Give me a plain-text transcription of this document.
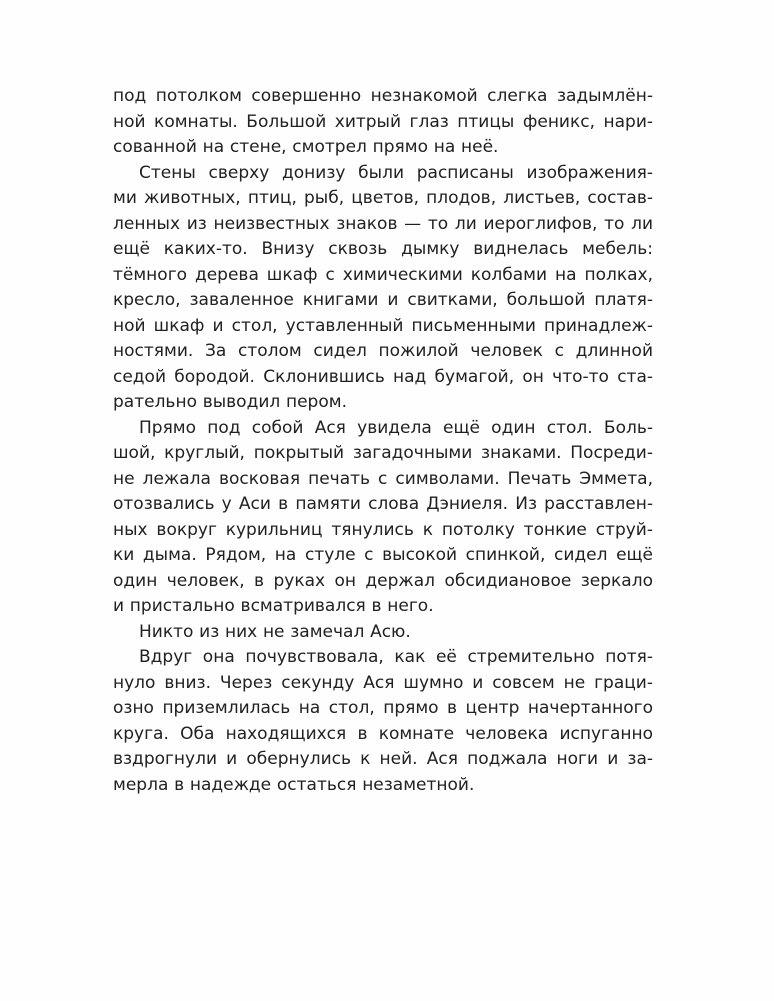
под потолком совершенно незнакомой слегка задымлён-
ной комнаты. Большой хитрый глаз птицы феникс, нари-
сованной на стене, смотрел прямо на неё.
Стены сверху донизу были расписаны изображения-
ми животных, птиц, рыб, цветов, плодов, листьев, состав-
ленных из неизвестных знаков — то ли иероглифов, то ли
ещё каких-то. Внизу сквозь дымку виднелась мебель:
тёмного дерева шкаф с химическими колбами на полках,
кресло, заваленное книгами и свитками, большой платя-
ной шкаф и стол, уставленный письменными принадлеж-
ностями. За столом сидел пожилой человек с длинной
седой бородой. Склонившись над бумагой, он что-то ста-
рательно выводил пером.
Прямо под собой Ася увидела ещё один стол. Боль-
шой, круглый, покрытый загадочными знаками. Посреди-
не лежала восковая печать с символами. Печать Эммета,
отозвались у Аси в памяти слова Дэниеля. Из расставлен-
ных вокруг курильниц тянулись к потолку тонкие струй-
ки дыма. Рядом, на стуле с высокой спинкой, сидел ещё
один человек, в руках он держал обсидиановое зеркало
и пристально всматривался в него.
Никто из них не замечал Асю.
Вдруг она почувствовала, как её стремительно потя-
нуло вниз. Через секунду Ася шумно и совсем не граци-
озно приземлилась на стол, прямо в центр начертанного
круга. Оба находящихся в комнате человека испуганно
вздрогнули и обернулись к ней. Ася поджала ноги и за-
мерла в надежде остаться незаметной.
